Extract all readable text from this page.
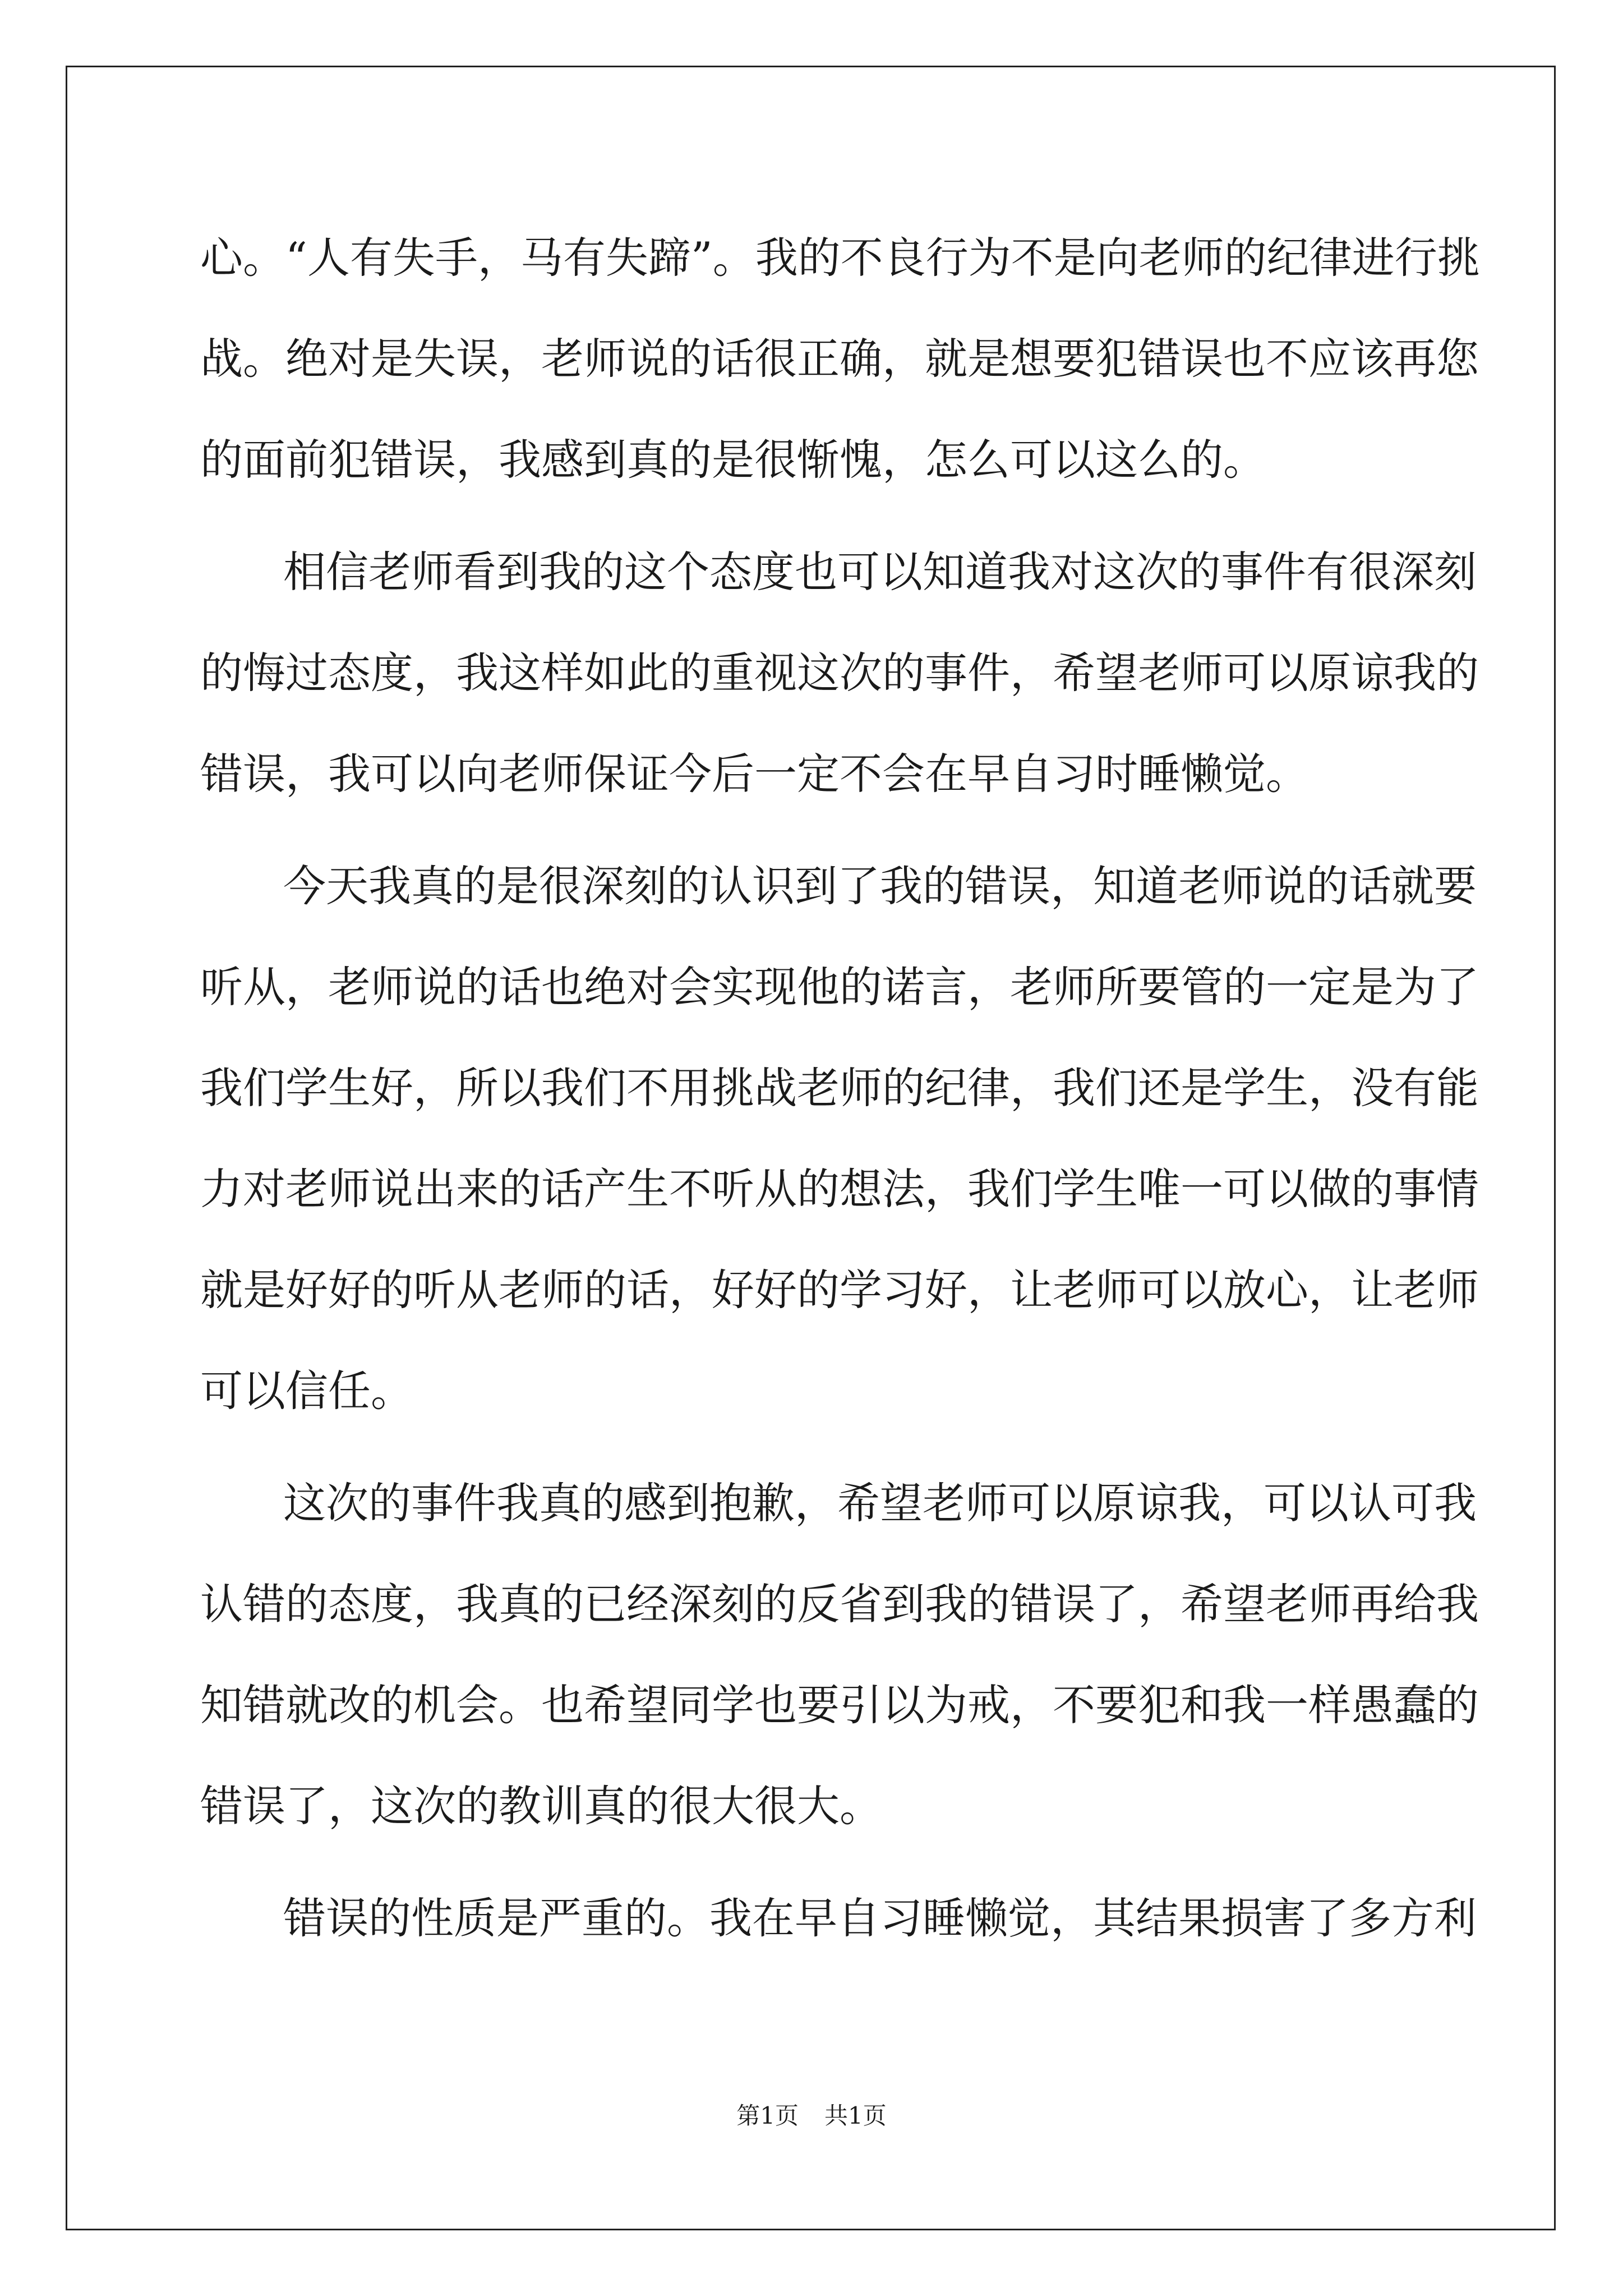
心。“人有失手，马有失蹄”。我的不良行为不是向老师的纪律进行挑
战。绝对是失误，老师说的话很正确，就是想要犯错误也不应该再您
的面前犯错误，我感到真的是很惭愧，怎么可以这么的。
相信老师看到我的这个态度也可以知道我对这次的事件有很深刻
的悔过态度，我这样如此的重视这次的事件，希望老师可以原谅我的
错误，我可以向老师保证今后一定不会在早自习时睡懒觉。
今天我真的是很深刻的认识到了我的错误，知道老师说的话就要
听从，老师说的话也绝对会实现他的诺言，老师所要管的一定是为了
我们学生好，所以我们不用挑战老师的纪律，我们还是学生，没有能
力对老师说出来的话产生不听从的想法，我们学生唯一可以做的事情
就是好好的听从老师的话，好好的学习好，让老师可以放心，让老师
可以信任。
这次的事件我真的感到抱歉，希望老师可以原谅我，可以认可我
认错的态度，我真的已经深刻的反省到我的错误了，希望老师再给我
知错就改的机会。也希望同学也要引以为戒，不要犯和我一样愚蠢的
错误了，这次的教训真的很大很大。
错误的性质是严重的。我在早自习睡懒觉，其结果损害了多方利
第1页 共1页
